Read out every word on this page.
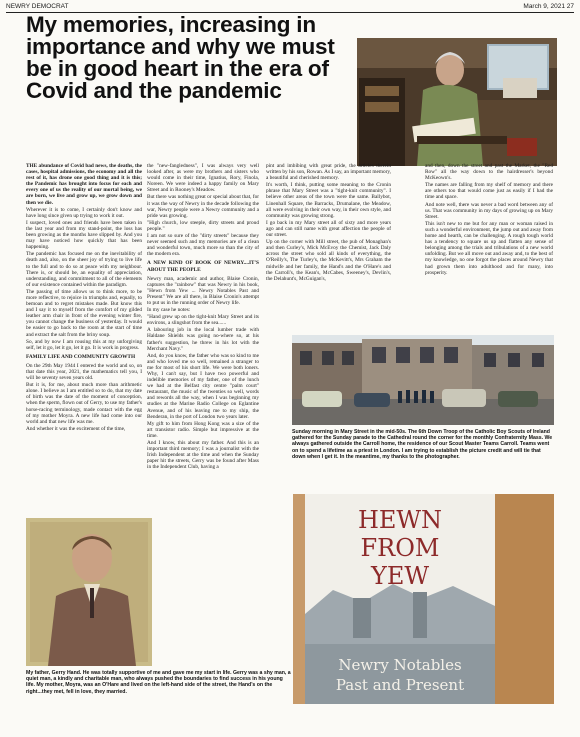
NEWRY DEMOCRAT	March 9, 2021 27
My memories, increasing in importance and why we must be in good heart in the era of Covid and the pandemic

THE abundance of Covid bad news, the deaths, the cases, hospital admissions, the economy and all the rest of it, has drone one good thing and it is this; the Pandemic has brought into focus for each and every one of us the reality of our mortal being, we are born, we live and grow up, we grow down and then we die.

Wherever it is to come, I certainly don't know and have long since given up trying to work it out.

I suspect, loved ones and friends have been taken in the last year and from my stand-point, the loss has been growing as the months have slipped by. And you may have noticed how quickly that has been happening.

The pandemic has focused me on the inevitability of death and, also, on the sheer joy of trying to live life to the full and to do so at peace with my neighbour. There is, or should be, an equality of appreciation, understanding, and commitment to all of the elements of our existence contained within the paradigm.

The passing of time allows us to think more, to be more reflective, to rejoice in triumphs and, equally, to bemoan and to regret mistakes made. But know this and I say it to myself from the comfort of my gilded leather arm chair in front of the evening winter fire, you cannot change the business of yesterday. It would be easier to go back to the room at the start of time and extract the salt from the briny soup.

So, and by now I am rousing this at my unforgiving self, let it go, let it go, let it go. It is work in progress.

FAMILY LIFE AND COMMUNITY GROWTH

On the 29th May 1944 I entered the world and so, on that date this year, 2021, the mathematics tell you, I will be seventy seven years old.

But it is, for me, about much more than arithmetic alone. I believe as I am entitled so to do, that my date of birth was the date of the moment of conception, when the sperm, flown out of Gerry, to use my father's horse-racing terminology, made contact with the egg of my mother Moyra. A new life had come into our world and that new life was me.

And whether it was the excitement of the time,

the "new-fangledness", I was always very well looked after, as were my brothers and sisters who would come in their time, Ignatius, Rory, Finola, Noreen. We were indeed a happy family on Mary Street and in Rooney's Meadow.

But there was nothing great or special about that, for it was the way of Newry in the decade following the war, Newry people were a Newry community and a pride was growing.

"High church, low steeple, dirty streets and proud people."

I am not so sure of the "dirty streets" because they never seemed such and my memories are of a clean and wonderful town, much more so than the city of the modern era.

A NEW KIND OF BOOK OF NEWRY....IT'S ABOUT THE PEOPLE

Newry man, academic and author, Blaise Cronin, captures the "rainbow" that was Newry in his book, "Hewn from Yew ... Newry Notables Past and Present" We are all there, in Blaise Cronin's attempt to put us in the running order of Newry life.

In my case he notes:

"Hand grew up on the tight-knit Mary Street and its environs, a slingshot from the sea......

A labouring job in the local lumber trade with Haldane Shields was going no-where so, at his father's suggestion, he threw in his lot with the Merchant Navy."

And, do you know, the father who was so kind to me and who loved me so well, remained a stranger to me for most of his short life. We were both loners. Why, I can't say, but I have two powerful and indelible memories of my father, one of the lunch we had at the Belfast city centre "palm court" restaurant, the music of the twenties so well, words and rewords all the way, when I was beginning my studies at the Marine Radio College on Eglantine Avenue, and of his leaving me to my ship, the Benderan, in the port of London two years later.

My gift to him from Hong Kong was a size of the art transistor radio. Simple but impressive at the time.

And I know, this about my father. And this is an important third memory; I was a journalist with the Irish Independent at the time and when the Sunday paper hit the streets, Gerry was be found after Mass in the Independent Club, having a

pint and imbibing with great pride, the articles therein written by his son, Rowan. As I say, an important memory, a beautiful and cherished memory.

It's worth, I think, putting some meaning to the Cronin phrase that Mary Street was a "tight-knit community". I believe other areas of the town were the same. Ballybot, Linenhall Square, the Barracks, Drumalane, the Meadow, all were evolving in their own way, in their own style, and community was growing strong.

I go back in my Mary street all of sixty and more years ago and can still name with great affection the people of our street.

Up on the corner with Mill street, the pub of Monaghan's and then Curley's, Mick McEvoy the Chemist, Jack Daly across the street who sold all kinds of everything, the O'Reilly's, The Turley's, the McKevitt's, Mrs Graham the midwife and her family, the Hand's and the O'Hare's and the Carroll's, the Kean's, McCabes, Sweeney's, Devlin's, the Delahunt's, McGuigan's,

and then, down the street and past the Market, the "Red Row" all the way down to the hairdresser's beyond McKeown's.

The names are falling from my shelf of memory and there are others too that would come just as easily if I had the time and space.

And note well, there was never a bad word between any of us. That was community in my days of growing up on Mary Street.

This isn't new to me but for any man or woman raised in such a wonderful environment, the jump out and away from home and hearth, can be challenging. A rough tough world has a tendency to square us up and flatten any sense of belonging among the trials and tribulations of a new world unfolding. But we all move out and away and, to the best of my knowledge, no one forgot the places around Newry that had grown them into adulthood and for many, into prosperity.

Sunday morning in Mary Street in the mid-50s. The 6th Down Troop of the Catholic Boy Scouts of Ireland gathered for the Sunday parade to the Cathedral round the corner for the monthly Confraternity Mass. We always gathered outside the Carroll home, the residence of our Scout Master Teams Carroll. Teams went on to spend a lifetime as a priest in London. I am trying to establish the picture credit and will tie that down when I get it. In the meantime, my thanks to the photographer.
My father, Gerry Hand. He was totally supportive of me and gave me my start in life. Gerry was a shy man, a quiet man, a kindly and charitable man, who always pushed the boundaries to find success in his young life. My mother, Moyra, was an O'Hare and lived on the left-hand side of the street, the Hand's on the right...they met, fell in love, they married.
HEWN
FROM
YEW
Newry Notables
Past and Present
